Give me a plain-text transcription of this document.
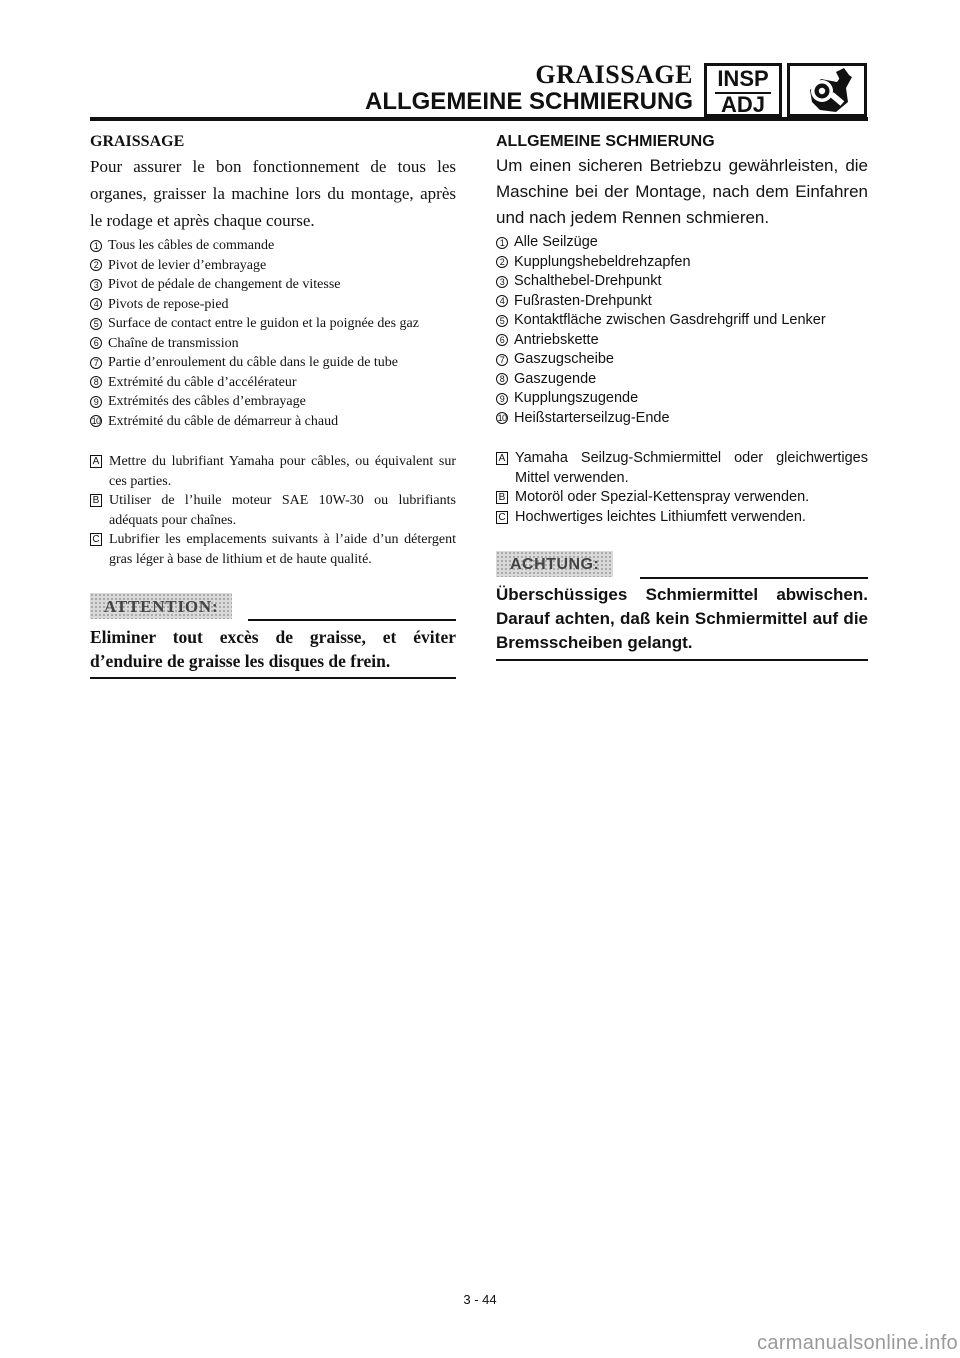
GRAISSAGE
ALLGEMEINE SCHMIERUNG
INSP
ADJ
GRAISSAGE

Pour assurer le bon fonctionnement de tous les organes, graisser la machine lors du montage, après le rodage et après chaque course.

1 Tous les câbles de commande
2 Pivot de levier d’embrayage
3 Pivot de pédale de changement de vitesse
4 Pivots de repose-pied
5 Surface de contact entre le guidon et la poignée des gaz
6 Chaîne de transmission
7 Partie d’enroulement du câble dans le guide de tube
8 Extrémité du câble d’accélérateur
9 Extrémités des câbles d’embrayage
10 Extrémité du câble de démarreur à chaud
A Mettre du lubrifiant Yamaha pour câbles, ou équivalent sur ces parties.
B Utiliser de l’huile moteur SAE 10W-30 ou lubrifiants adéquats pour chaînes.
C Lubrifier les emplacements suivants à l’aide d’un détergent gras léger à base de lithium et de haute qualité.
ATTENTION:
Eliminer tout excès de graisse, et éviter d’enduire de graisse les disques de frein.
ALLGEMEINE SCHMIERUNG

Um einen sicheren Betriebzu gewährleisten, die Maschine bei der Montage, nach dem Einfahren und nach jedem Rennen schmieren.

1 Alle Seilzüge
2 Kupplungshebeldrehzapfen
3 Schalthebel-Drehpunkt
4 Fußrasten-Drehpunkt
5 Kontaktfläche zwischen Gasdrehgriff und Lenker
6 Antriebskette
7 Gaszugscheibe
8 Gaszugende
9 Kupplungszugende
10 Heißstarterseilzug-Ende
A Yamaha Seilzug-Schmiermittel oder gleichwertiges Mittel verwenden.
B Motoröl oder Spezial-Kettenspray verwenden.
C Hochwertiges leichtes Lithiumfett verwenden.
ACHTUNG:
Überschüssiges Schmiermittel abwischen. Darauf achten, daß kein Schmiermittel auf die Bremsscheiben gelangt.
3 - 44
carmanualsonline.info
